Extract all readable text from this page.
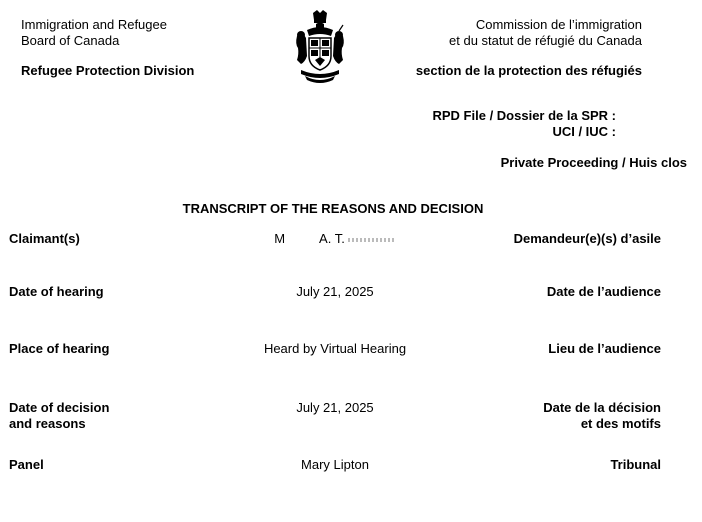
Immigration and Refugee
Board of Canada
Commission de l’immigration
et du statut de réfugié du Canada
Refugee Protection Division	section de la protection des réfugiés
RPD File / Dossier de la SPR :
UCI / IUC :
Private Proceeding / Huis clos
TRANSCRIPT OF THE REASONS AND DECISION
Claimant(s)	M	A. T.	Demandeur(e)(s) d’asile
Date of hearing	July 21, 2025	Date de l’audience
Place of hearing	Heard by Virtual Hearing	Lieu de l’audience
Date of decision
and reasons
July 21, 2025	Date de la décision
et des motifs
Panel	Mary Lipton	Tribunal
